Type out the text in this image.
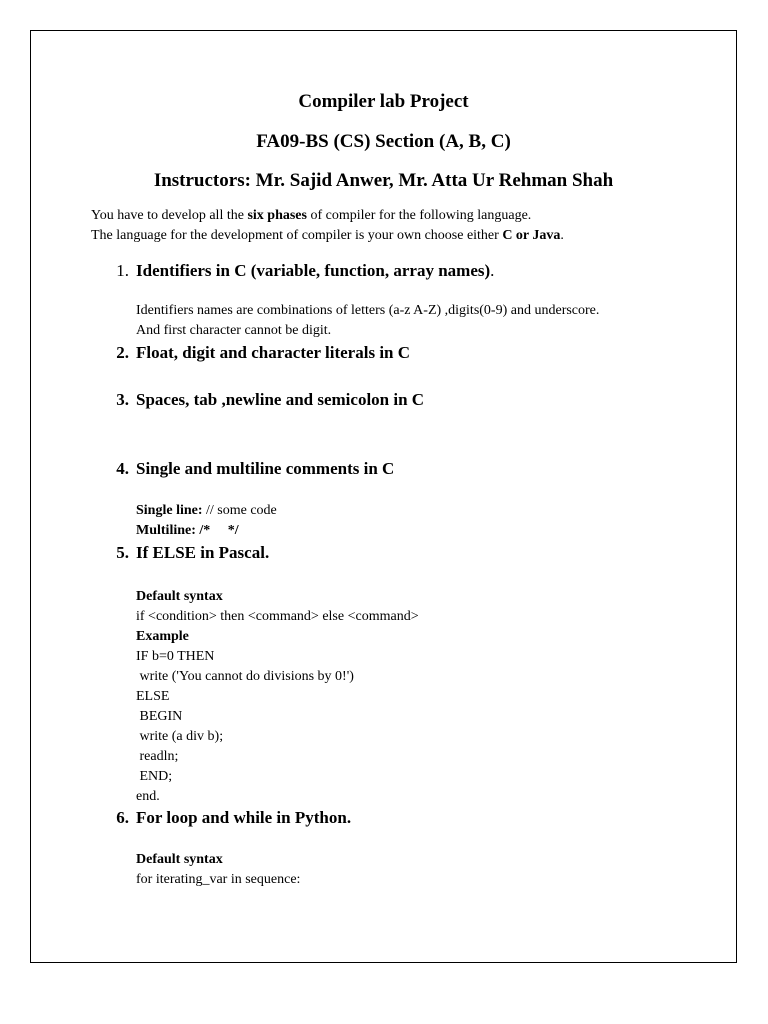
Compiler lab Project
FA09-BS (CS) Section (A, B, C)
Instructors: Mr. Sajid Anwer, Mr. Atta Ur Rehman Shah
You have to develop all the six phases of compiler for the following language.
The language for the development of compiler is your own choose either C or Java.
1. Identifiers in C (variable, function, array names).
Identifiers names are combinations of letters (a-z A-Z) ,digits(0-9) and underscore.
And first character cannot be digit.
2. Float, digit and character literals in C
3. Spaces, tab ,newline and semicolon in C
4. Single and multiline comments in C
Single line: // some code
Multiline: /*     */
5. If ELSE in Pascal.
Default syntax
if <condition> then <command> else <command>
Example
IF b=0 THEN
write ('You cannot do divisions by 0!')
ELSE
BEGIN
write (a div b);
readln;
END;
end.
6. For loop and while in Python.
Default syntax
for iterating_var in sequence:
